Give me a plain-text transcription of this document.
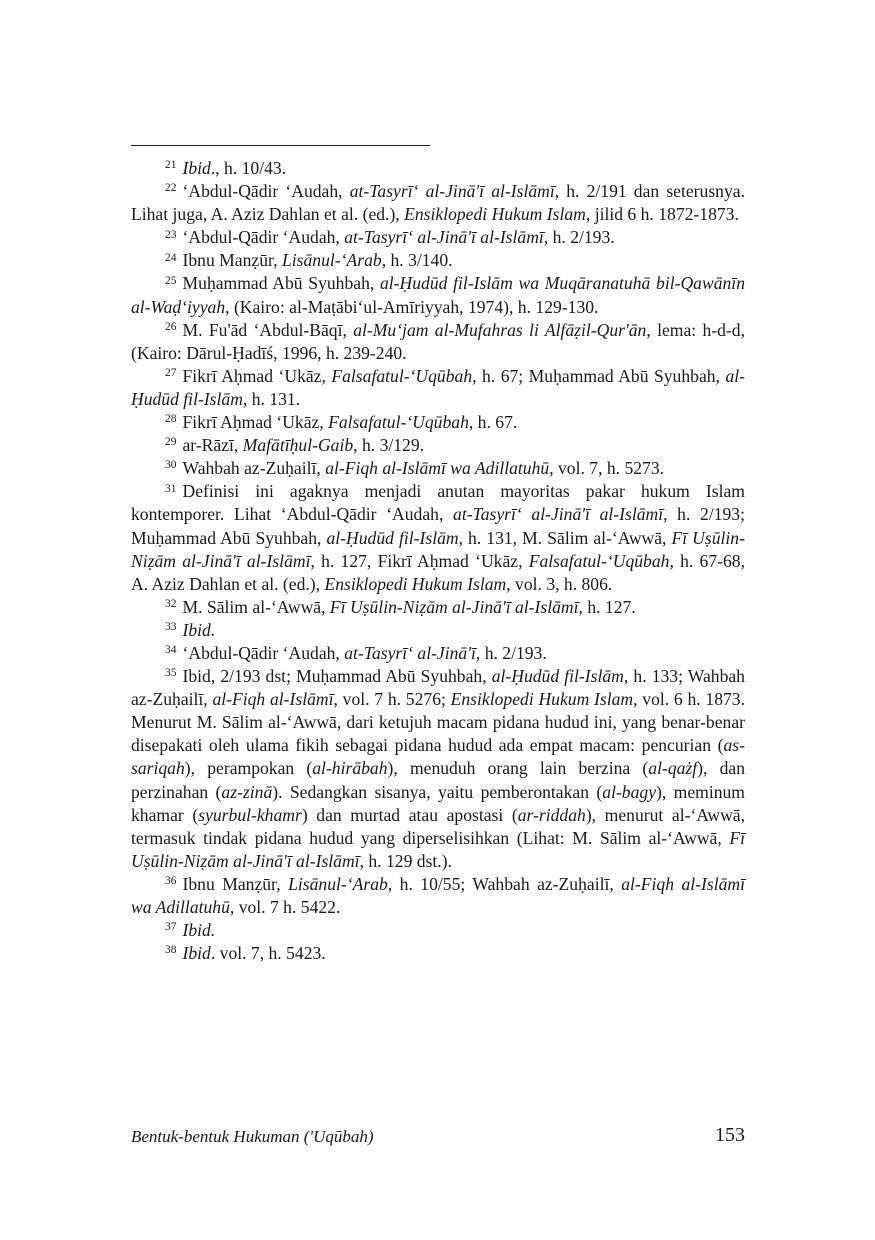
$^{21}$ Ibid., h. 10/43.

$^{22}$ ‘Abdul-Qādir ‘Audah, at-Tasyrī‘ al-Jinā'ī al-Islāmī, h. 2/191 dan seterusnya. Lihat juga, A. Aziz Dahlan et al. (ed.), Ensiklopedi Hukum Islam, jilid 6 h. 1872-1873.

$^{23}$ ‘Abdul-Qādir ‘Audah, at-Tasyrī‘ al-Jinā'ī al-Islāmī, h. 2/193.

$^{24}$ Ibnu Manẓūr, Lisānul-‘Arab, h. 3/140.

$^{25}$ Muḥammad Abū Syuhbah, al-Ḥudūd fil-Islām wa Muqāranatuhā bil-Qawānīn al-Waḍ‘iyyah, (Kairo: al-Maṭābi‘ul-Amīriyyah, 1974), h. 129-130.

$^{26}$ M. Fu'ād ‘Abdul-Bāqī, al-Mu‘jam al-Mufahras li Alfāẓil-Qur'ān, lema: h-d-d, (Kairo: Dārul-Ḥadīś, 1996, h. 239-240.

$^{27}$ Fikrī Aḥmad ‘Ukāz, Falsafatul-‘Uqūbah, h. 67; Muḥammad Abū Syuhbah, al-Ḥudūd fil-Islām, h. 131.

$^{28}$ Fikrī Aḥmad ‘Ukāz, Falsafatul-‘Uqūbah, h. 67.

$^{29}$ ar-Rāzī, Mafātīḥul-Gaib, h. 3/129.

$^{30}$ Wahbah az-Zuḥailī, al-Fiqh al-Islāmī wa Adillatuhū, vol. 7, h. 5273.

$^{31}$ Definisi ini agaknya menjadi anutan mayoritas pakar hukum Islam kontemporer. Lihat ‘Abdul-Qādir ‘Audah, at-Tasyrī‘ al-Jinā'ī al-Islāmī, h. 2/193; Muḥammad Abū Syuhbah, al-Ḥudūd fil-Islām, h. 131, M. Sālim al-‘Awwā, Fī Uṣūlin-Niẓām al-Jinā'ī al-Islāmī, h. 127, Fikrī Aḥmad ‘Ukāz, Falsafatul-‘Uqūbah, h. 67-68, A. Aziz Dahlan et al. (ed.), Ensiklopedi Hukum Islam, vol. 3, h. 806.

$^{32}$ M. Sālim al-‘Awwā, Fī Uṣūlin-Niẓām al-Jinā'ī al-Islāmī, h. 127.

$^{33}$ Ibid.

$^{34}$ ‘Abdul-Qādir ‘Audah, at-Tasyrī‘ al-Jinā'ī, h. 2/193.

$^{35}$ Ibid, 2/193 dst; Muḥammad Abū Syuhbah, al-Ḥudūd fil-Islām, h. 133; Wahbah az-Zuḥailī, al-Fiqh al-Islāmī, vol. 7 h. 5276; Ensiklopedi Hukum Islam, vol. 6 h. 1873. Menurut M. Sālim al-‘Awwā, dari ketujuh macam pidana hudud ini, yang benar-benar disepakati oleh ulama fikih sebagai pidana hudud ada empat macam: pencurian (as-sariqah), perampokan (al-hirābah), menuduh orang lain berzina (al-qażf), dan perzinahan (az-zinā). Sedangkan sisanya, yaitu pemberontakan (al-bagy), meminum khamar (syurbul-khamr) dan murtad atau apostasi (ar-riddah), menurut al-‘Awwā, termasuk tindak pidana hudud yang diperselisihkan (Lihat: M. Sālim al-‘Awwā, Fī Uṣūlin-Niẓām al-Jinā'ī al-Islāmī, h. 129 dst.).

$^{36}$ Ibnu Manẓūr, Lisānul-‘Arab, h. 10/55; Wahbah az-Zuḥailī, al-Fiqh al-Islāmī wa Adillatuhū, vol. 7 h. 5422.

$^{37}$ Ibid.

$^{38}$ Ibid. vol. 7, h. 5423.

Bentuk-bentuk Hukuman ('Uqūbah)	153
